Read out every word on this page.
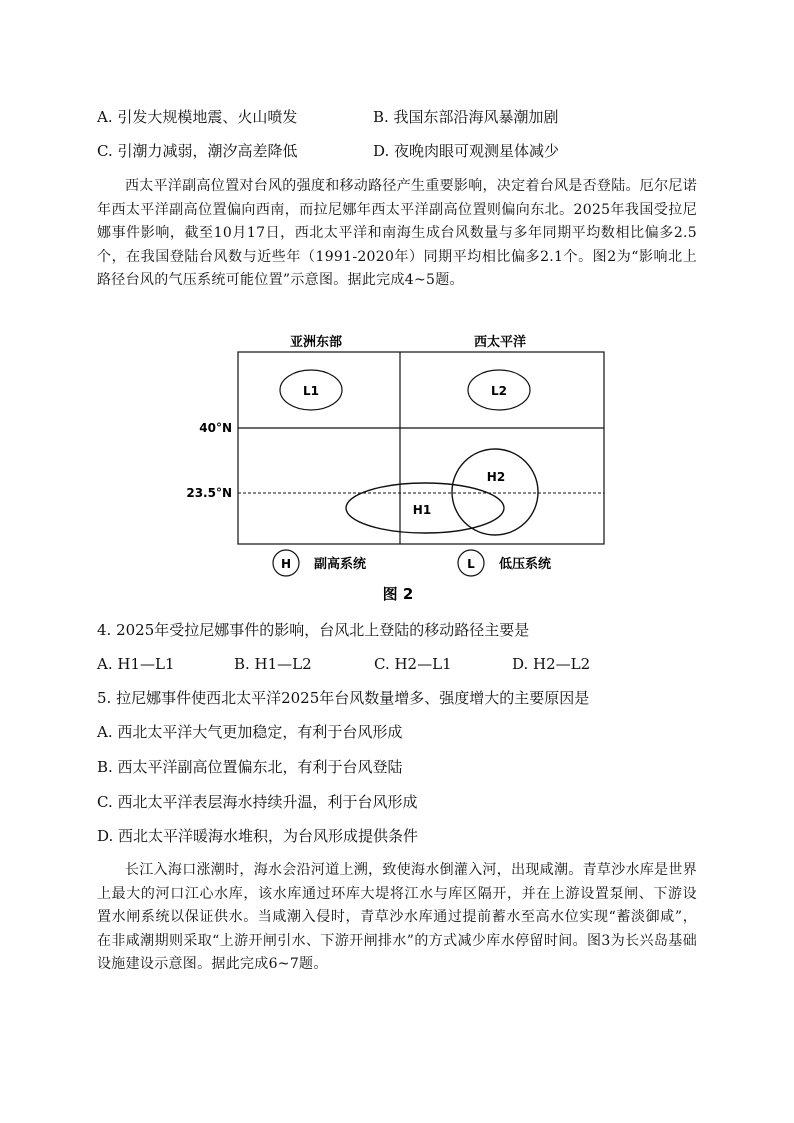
A. 引发大规模地震、火山喷发	B. 我国东部沿海风暴潮加剧
C. 引潮力减弱，潮汐高差降低	D. 夜晚肉眼可观测星体减少
西太平洋副高位置对台风的强度和移动路径产生重要影响，决定着台风是否登陆。厄尔尼诺年西太平洋副高位置偏向西南，而拉尼娜年西太平洋副高位置则偏向东北。2025年我国受拉尼娜事件影响，截至10月17日，西北太平洋和南海生成台风数量与多年同期平均数相比偏多2.5个，在我国登陆台风数与近些年（1991-2020年）同期平均相比偏多2.1个。图2为“影响北上路径台风的气压系统可能位置”示意图。据此完成4~5题。
亚洲东部	西太平洋
40°N
23.5°N
L1	L2
H1
H2
H 副高系统	L 低压系统
图 2
4. 2025年受拉尼娜事件的影响，台风北上登陆的移动路径主要是
A. H1—L1	B. H1—L2	C. H2—L1	D. H2—L2
5. 拉尼娜事件使西北太平洋2025年台风数量增多、强度增大的主要原因是
A. 西北太平洋大气更加稳定，有利于台风形成
B. 西太平洋副高位置偏东北，有利于台风登陆
C. 西北太平洋表层海水持续升温，利于台风形成
D. 西北太平洋暖海水堆积，为台风形成提供条件
长江入海口涨潮时，海水会沿河道上溯，致使海水倒灌入河，出现咸潮。青草沙水库是世界上最大的河口江心水库，该水库通过环库大堤将江水与库区隔开，并在上游设置泵闸、下游设置水闸系统以保证供水。当咸潮入侵时，青草沙水库通过提前蓄水至高水位实现“蓄淡御咸”，在非咸潮期则采取“上游开闸引水、下游开闸排水”的方式减少库水停留时间。图3为长兴岛基础设施建设示意图。据此完成6~7题。
